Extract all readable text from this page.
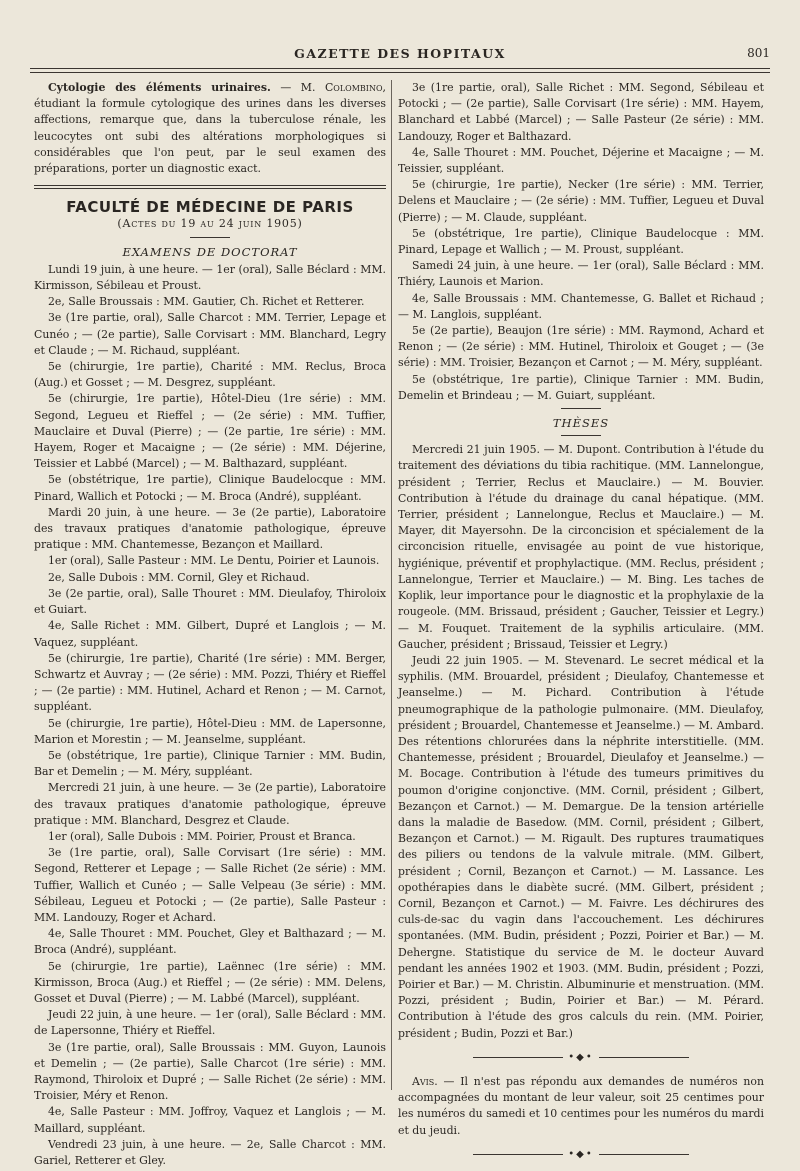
GAZETTE DES HOPITAUX	801

Cytologie des éléments urinaires. — M. Colombino, étudiant la formule cytologique des urines dans les diverses affections, remarque que, dans la tuberculose rénale, les leucocytes ont subi des altérations morphologiques si considérables que l'on peut, par le seul examen des préparations, porter un diagnostic exact.

FACULTÉ DE MÉDECINE DE PARIS
(Actes du 19 au 24 juin 1905)
EXAMENS DE DOCTORAT

Lundi 19 juin, à une heure. — 1er (oral), Salle Béclard : MM. Kirmisson, Sébileau et Proust.

2e, Salle Broussais : MM. Gautier, Ch. Richet et Retterer.

3e (1re partie, oral), Salle Charcot : MM. Terrier, Lepage et Cunéo ; — (2e partie), Salle Corvisart : MM. Blanchard, Legry et Claude ; — M. Richaud, suppléant.

5e (chirurgie, 1re partie), Charité : MM. Reclus, Broca (Aug.) et Gosset ; — M. Desgrez, suppléant.

5e (chirurgie, 1re partie), Hôtel-Dieu (1re série) : MM. Segond, Legueu et Rieffel ; — (2e série) : MM. Tuffier, Mauclaire et Duval (Pierre) ; — (2e partie, 1re série) : MM. Hayem, Roger et Macaigne ; — (2e série) : MM. Déjerine, Teissier et Labbé (Marcel) ; — M. Balthazard, suppléant.

5e (obstétrique, 1re partie), Clinique Baudelocque : MM. Pinard, Wallich et Potocki ; — M. Broca (André), suppléant.

Mardi 20 juin, à une heure. — 3e (2e partie), Laboratoire des travaux pratiques d'anatomie pathologique, épreuve pratique : MM. Chantemesse, Bezançon et Maillard.

1er (oral), Salle Pasteur : MM. Le Dentu, Poirier et Launois.

2e, Salle Dubois : MM. Cornil, Gley et Richaud.

3e (2e partie, oral), Salle Thouret : MM. Dieulafoy, Thiroloix et Guiart.

4e, Salle Richet : MM. Gilbert, Dupré et Langlois ; — M. Vaquez, suppléant.

5e (chirurgie, 1re partie), Charité (1re série) : MM. Berger, Schwartz et Auvray ; — (2e série) : MM. Pozzi, Thiéry et Rieffel ; — (2e partie) : MM. Hutinel, Achard et Renon ; — M. Carnot, suppléant.

5e (chirurgie, 1re partie), Hôtel-Dieu : MM. de Lapersonne, Marion et Morestin ; — M. Jeanselme, suppléant.

5e (obstétrique, 1re partie), Clinique Tarnier : MM. Budin, Bar et Demelin ; — M. Méry, suppléant.

Mercredi 21 juin, à une heure. — 3e (2e partie), Laboratoire des travaux pratiques d'anatomie pathologique, épreuve pratique : MM. Blanchard, Desgrez et Claude.

1er (oral), Salle Dubois : MM. Poirier, Proust et Branca.

3e (1re partie, oral), Salle Corvisart (1re série) : MM. Segond, Retterer et Lepage ; — Salle Richet (2e série) : MM. Tuffier, Wallich et Cunéo ; — Salle Velpeau (3e série) : MM. Sébileau, Legueu et Potocki ; — (2e partie), Salle Pasteur : MM. Landouzy, Roger et Achard.

4e, Salle Thouret : MM. Pouchet, Gley et Balthazard ; — M. Broca (André), suppléant.

5e (chirurgie, 1re partie), Laënnec (1re série) : MM. Kirmisson, Broca (Aug.) et Rieffel ; — (2e série) : MM. Delens, Gosset et Duval (Pierre) ; — M. Labbé (Marcel), suppléant.

Jeudi 22 juin, à une heure. — 1er (oral), Salle Béclard : MM. de Lapersonne, Thiéry et Rieffel.

3e (1re partie, oral), Salle Broussais : MM. Guyon, Launois et Demelin ; — (2e partie), Salle Charcot (1re série) : MM. Raymond, Thiroloix et Dupré ; — Salle Richet (2e série) : MM. Troisier, Méry et Renon.

4e, Salle Pasteur : MM. Joffroy, Vaquez et Langlois ; — M. Maillard, suppléant.

Vendredi 23 juin, à une heure. — 2e, Salle Charcot : MM. Gariel, Retterer et Gley.

3e (1re partie, oral), Salle Richet : MM. Segond, Sébileau et Potocki ; — (2e partie), Salle Corvisart (1re série) : MM. Hayem, Blanchard et Labbé (Marcel) ; — Salle Pasteur (2e série) : MM. Landouzy, Roger et Balthazard.

4e, Salle Thouret : MM. Pouchet, Déjerine et Macaigne ; — M. Teissier, suppléant.

5e (chirurgie, 1re partie), Necker (1re série) : MM. Terrier, Delens et Mauclaire ; — (2e série) : MM. Tuffier, Legueu et Duval (Pierre) ; — M. Claude, suppléant.

5e (obstétrique, 1re partie), Clinique Baudelocque : MM. Pinard, Lepage et Wallich ; — M. Proust, suppléant.

Samedi 24 juin, à une heure. — 1er (oral), Salle Béclard : MM. Thiéry, Launois et Marion.

4e, Salle Broussais : MM. Chantemesse, G. Ballet et Richaud ; — M. Langlois, suppléant.

5e (2e partie), Beaujon (1re série) : MM. Raymond, Achard et Renon ; — (2e série) : MM. Hutinel, Thiroloix et Gouget ; — (3e série) : MM. Troisier, Bezançon et Carnot ; — M. Méry, suppléant.

5e (obstétrique, 1re partie), Clinique Tarnier : MM. Budin, Demelin et Brindeau ; — M. Guiart, suppléant.

THÈSES

Mercredi 21 juin 1905. — M. Dupont. Contribution à l'étude du traitement des déviations du tibia rachitique. (MM. Lannelongue, président ; Terrier, Reclus et Mauclaire.) — M. Bouvier. Contribution à l'étude du drainage du canal hépatique. (MM. Terrier, président ; Lannelongue, Reclus et Mauclaire.) — M. Mayer, dit Mayersohn. De la circoncision et spécialement de la circoncision rituelle, envisagée au point de vue historique, hygiénique, préventif et prophylactique. (MM. Reclus, président ; Lannelongue, Terrier et Mauclaire.) — M. Bing. Les taches de Koplik, leur importance pour le diagnostic et la prophylaxie de la rougeole. (MM. Brissaud, président ; Gaucher, Teissier et Legry.) — M. Fouquet. Traitement de la syphilis articulaire. (MM. Gaucher, président ; Brissaud, Teissier et Legry.)

Jeudi 22 juin 1905. — M. Stevenard. Le secret médical et la syphilis. (MM. Brouardel, président ; Dieulafoy, Chantemesse et Jeanselme.) — M. Pichard. Contribution à l'étude pneumographique de la pathologie pulmonaire. (MM. Dieulafoy, président ; Brouardel, Chantemesse et Jeanselme.) — M. Ambard. Des rétentions chlorurées dans la néphrite interstitielle. (MM. Chantemesse, président ; Brouardel, Dieulafoy et Jeanselme.) — M. Bocage. Contribution à l'étude des tumeurs primitives du poumon d'origine conjonctive. (MM. Cornil, président ; Gilbert, Bezançon et Carnot.) — M. Demargue. De la tension artérielle dans la maladie de Basedow. (MM. Cornil, président ; Gilbert, Bezançon et Carnot.) — M. Rigault. Des ruptures traumatiques des piliers ou tendons de la valvule mitrale. (MM. Gilbert, président ; Cornil, Bezançon et Carnot.) — M. Lassance. Les opothérapies dans le diabète sucré. (MM. Gilbert, président ; Cornil, Bezançon et Carnot.) — M. Faivre. Les déchirures des culs-de-sac du vagin dans l'accouchement. Les déchirures spontanées. (MM. Budin, président ; Pozzi, Poirier et Bar.) — M. Dehergne. Statistique du service de M. le docteur Auvard pendant les années 1902 et 1903. (MM. Budin, président ; Pozzi, Poirier et Bar.) — M. Christin. Albuminurie et menstruation. (MM. Pozzi, président ; Budin, Poirier et Bar.) — M. Pérard. Contribution à l'étude des gros calculs du rein. (MM. Poirier, président ; Budin, Pozzi et Bar.)

•◆•

Avis. — Il n'est pas répondu aux demandes de numéros non accompagnées du montant de leur valeur, soit 25 centimes pour les numéros du samedi et 10 centimes pour les numéros du mardi et du jeudi.

•◆•
